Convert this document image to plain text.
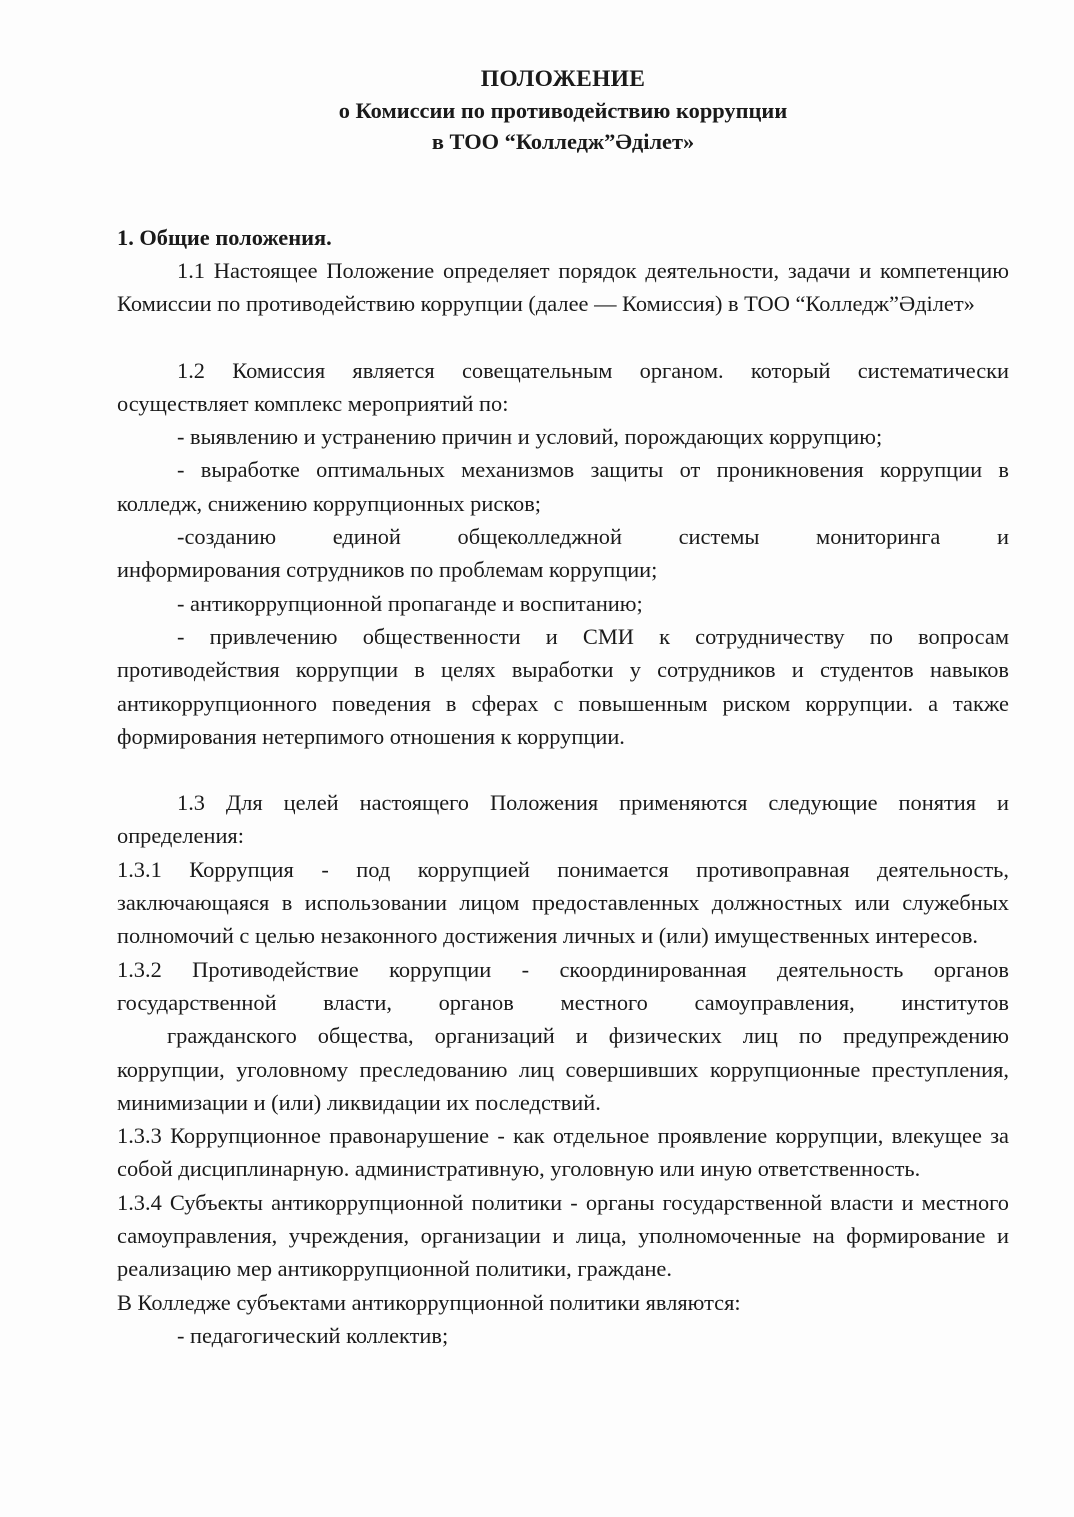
ПОЛОЖЕНИЕ
о Комиссии по противодействию коррупции
в ТОО “Колледж”Әділет»
1. Общие положения.

1.1 Настоящее Положение определяет порядок деятельности, задачи и компетенцию Комиссии по противодействию коррупции (далее — Комиссия) в ТОО “Колледж”Әділет»

1.2 Комиссия является совещательным органом. который систематически осуществляет комплекс мероприятий по:

- выявлению и устранению причин и условий, порождающих коррупцию;

- выработке оптимальных механизмов защиты от проникновения коррупции в колледж, снижению коррупционных рисков;

-созданию единой общеколледжной системы мониторинга и

информирования сотрудников по проблемам коррупции;

- антикоррупционной пропаганде и воспитанию;

- привлечению общественности и СМИ к сотрудничеству по вопросам противодействия коррупции в целях выработки у сотрудников и студентов навыков антикоррупционного поведения в сферах с повышенным риском коррупции. а также формирования нетерпимого отношения к коррупции.

1.3 Для целей настоящего Положения применяются следующие понятия и определения:

1.3.1 Коррупция - под коррупцией понимается противоправная деятельность, заключающаяся в использовании лицом предоставленных должностных или служебных полномочий с целью незаконного достижения личных и (или) имущественных интересов.

1.3.2 Противодействие коррупции - скоординированная деятельность органов государственной власти, органов местного самоуправления, институтов

гражданского общества, организаций и физических лиц по предупреждению коррупции, уголовному преследованию лиц совершивших коррупционные преступления, минимизации и (или) ликвидации их последствий.

1.3.3 Коррупционное правонарушение - как отдельное проявление коррупции, влекущее за собой дисциплинарную. административную, уголовную или иную ответственность.

1.3.4 Субъекты антикоррупционной политики - органы государственной власти и местного самоуправления, учреждения, организации и лица, уполномоченные на формирование и реализацию мер антикоррупционной политики, граждане.

В Колледже субъектами антикоррупционной политики являются:

- педагогический коллектив;
